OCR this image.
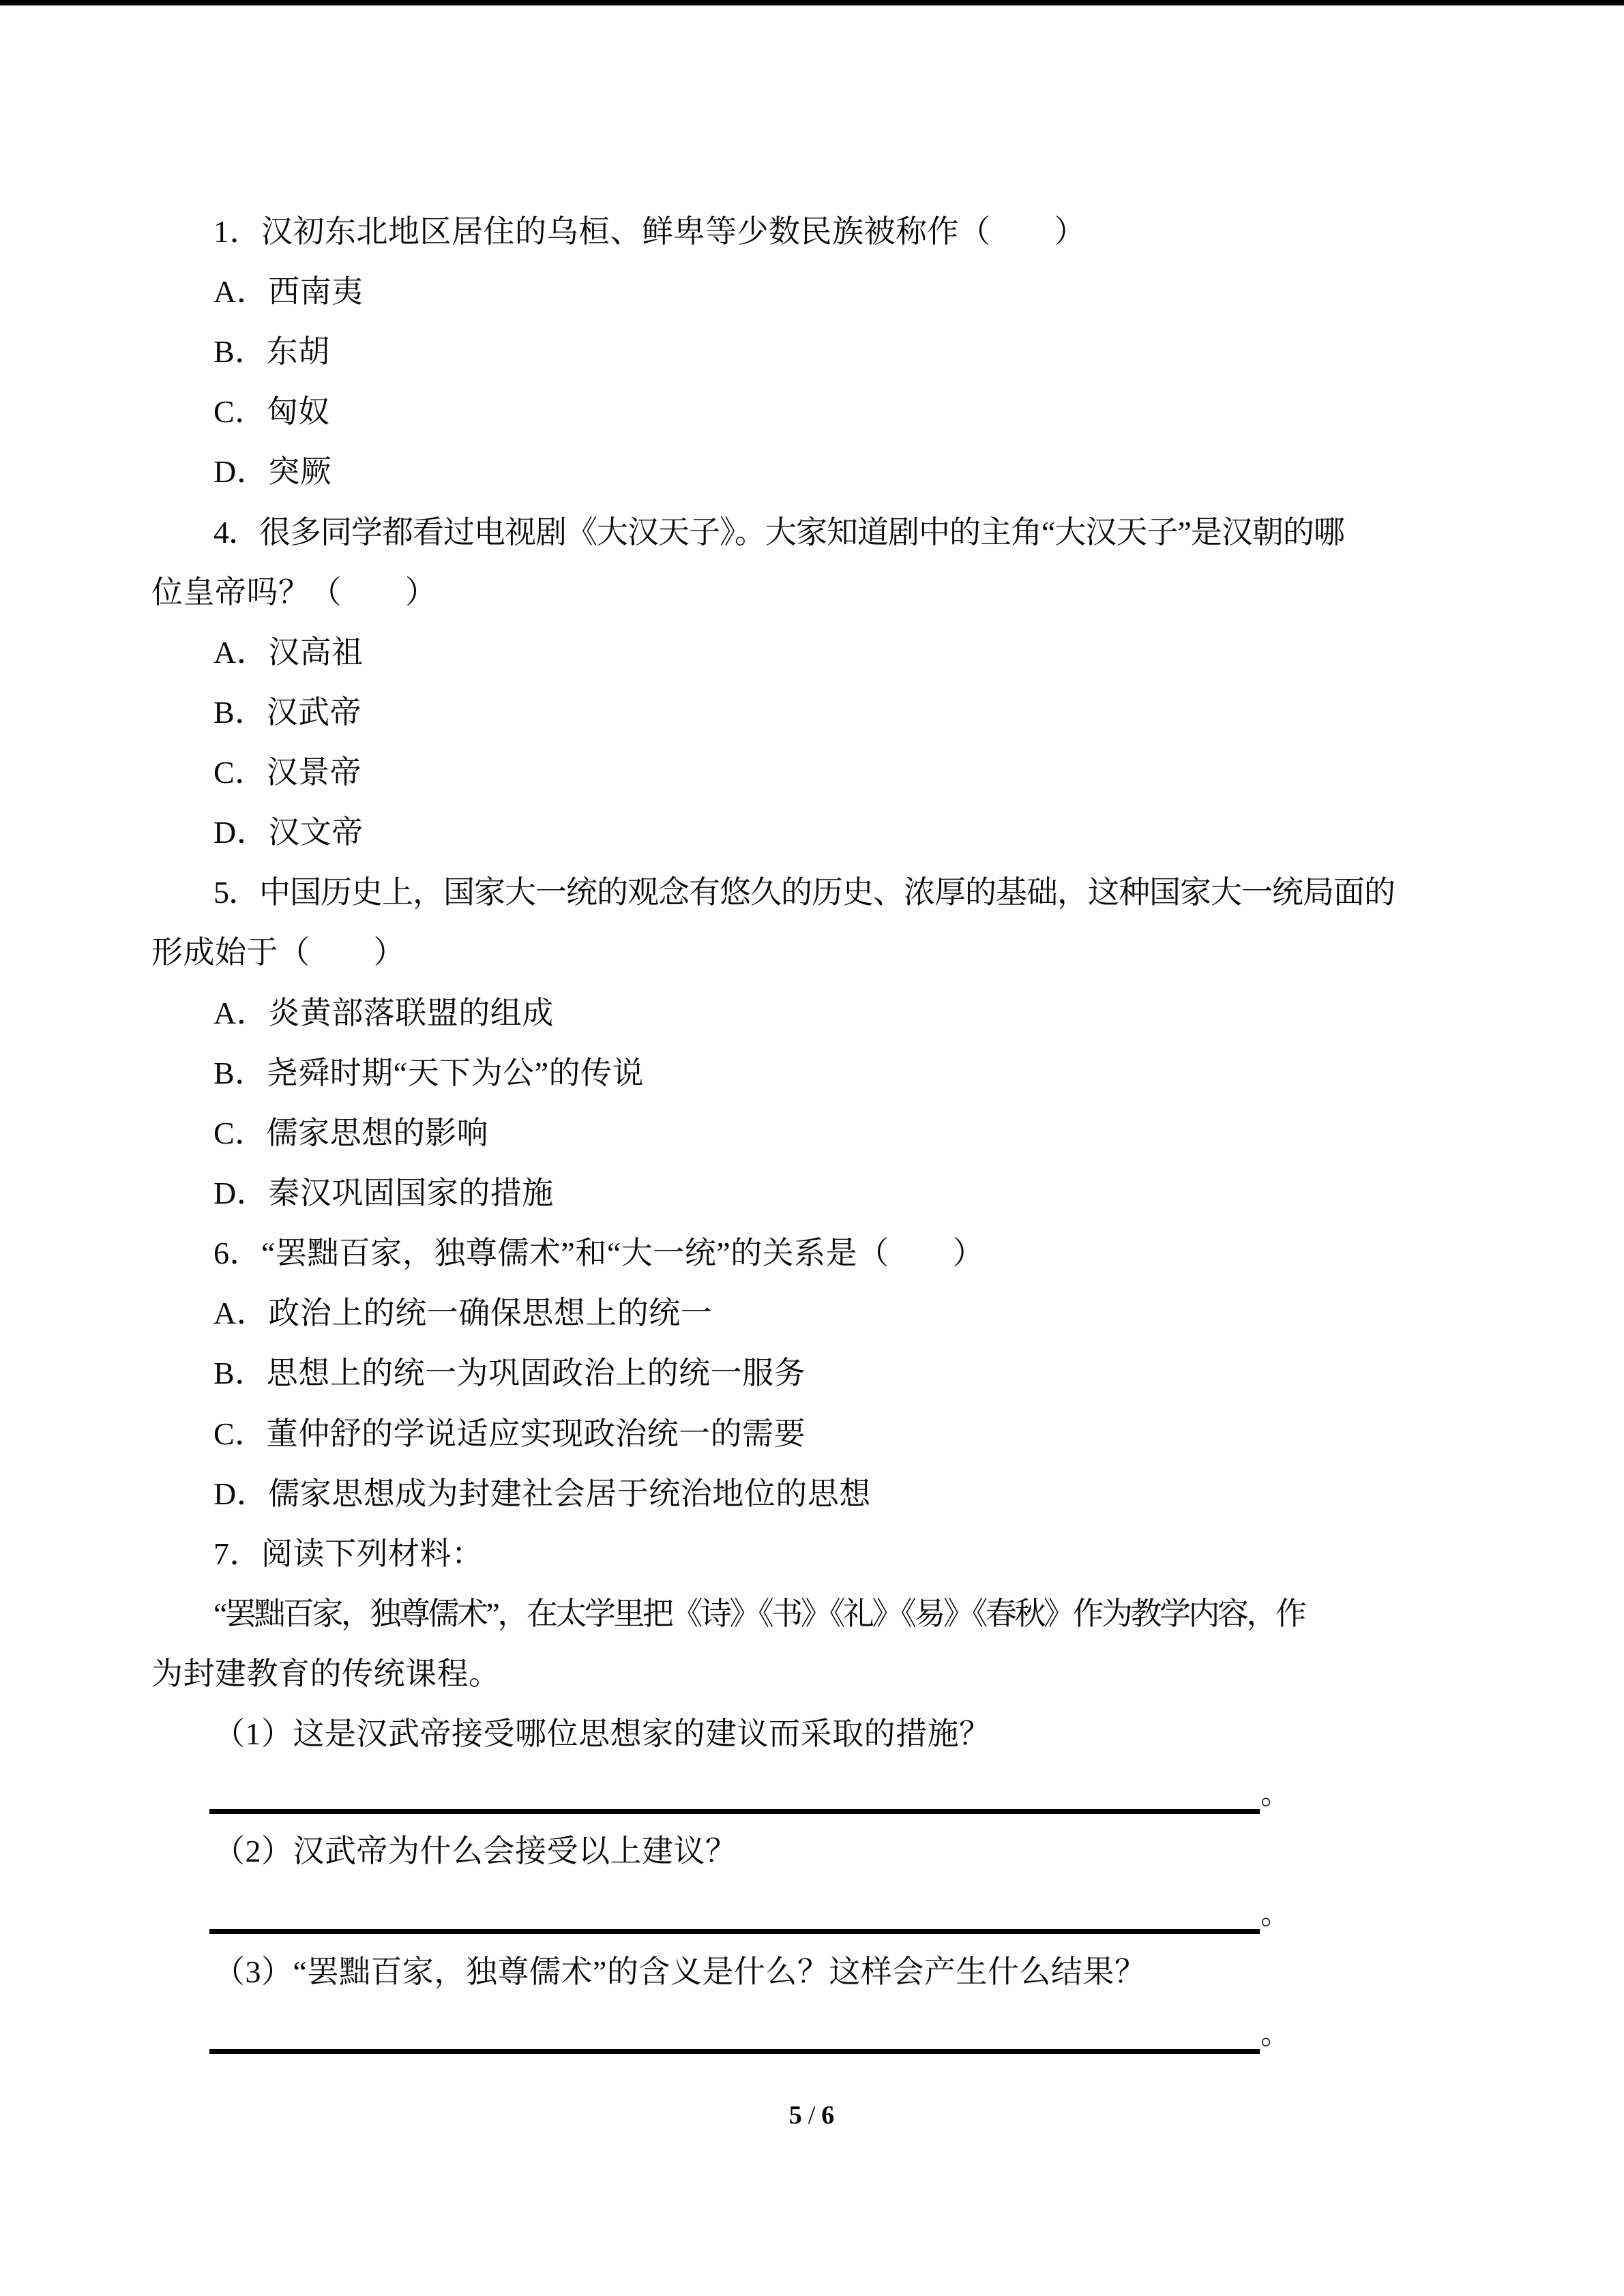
1．汉初东北地区居住的乌桓、鲜卑等少数民族被称作（　　）
A．西南夷
B．东胡
C．匈奴
D．突厥
4．很多同学都看过电视剧《大汉天子》。大家知道剧中的主角“大汉天子”是汉朝的哪
位皇帝吗？（　　）
A．汉高祖
B．汉武帝
C．汉景帝
D．汉文帝
5．中国历史上，国家大一统的观念有悠久的历史、浓厚的基础，这种国家大一统局面的
形成始于（　　）
A．炎黄部落联盟的组成
B．尧舜时期“天下为公”的传说
C．儒家思想的影响
D．秦汉巩固国家的措施
6．“罢黜百家，独尊儒术”和“大一统”的关系是（　　）
A．政治上的统一确保思想上的统一
B．思想上的统一为巩固政治上的统一服务
C．董仲舒的学说适应实现政治统一的需要
D．儒家思想成为封建社会居于统治地位的思想
7．阅读下列材料：
“罢黜百家，独尊儒术”，在太学里把《诗》《书》《礼》《易》《春秋》作为教学内容，作
为封建教育的传统课程。
（1）这是汉武帝接受哪位思想家的建议而采取的措施？
。
（2）汉武帝为什么会接受以上建议？
。
（3）“罢黜百家，独尊儒术”的含义是什么？这样会产生什么结果？
。
5 / 6
